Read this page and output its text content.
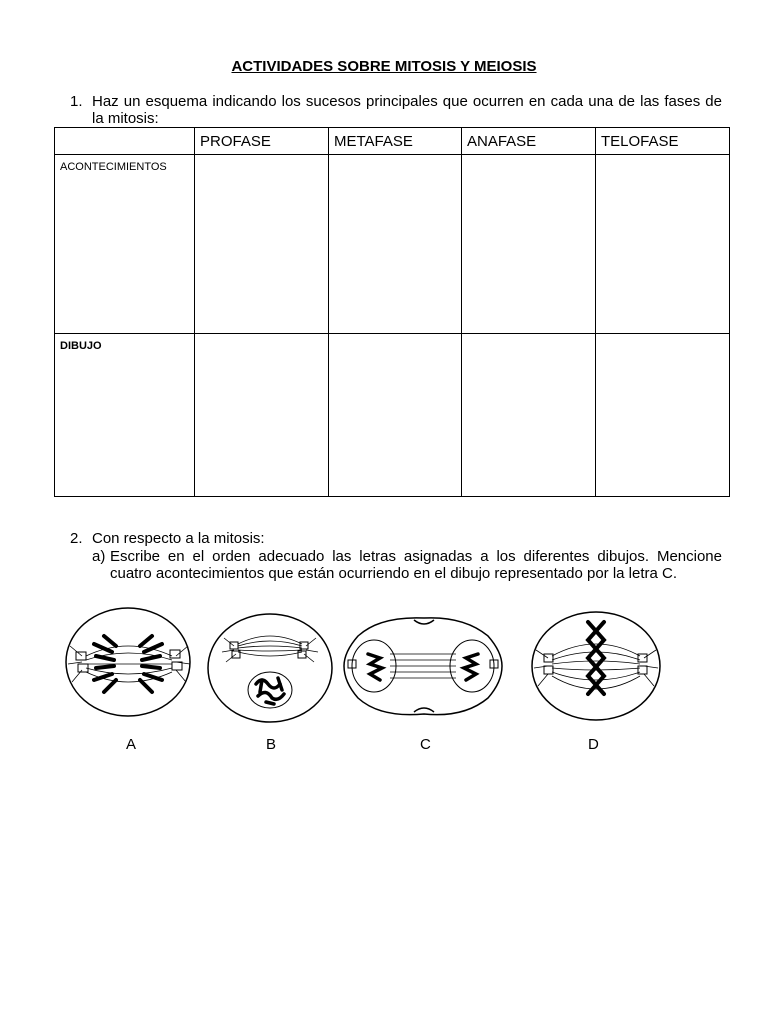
ACTIVIDADES SOBRE MITOSIS Y MEIOSIS
1. Haz un esquema indicando los sucesos principales que ocurren en cada una de las fases de la mitosis:
	PROFASE	METAFASE	ANAFASE	TELOFASE

ACONTECIMIENTOS				

DIBUJO				

2. Con respecto a la mitosis:
a) Escribe en el orden adecuado las letras asignadas a los diferentes dibujos. Mencione cuatro acontecimientos que están ocurriendo en el dibujo representado por la letra C.
A	B	C	D
